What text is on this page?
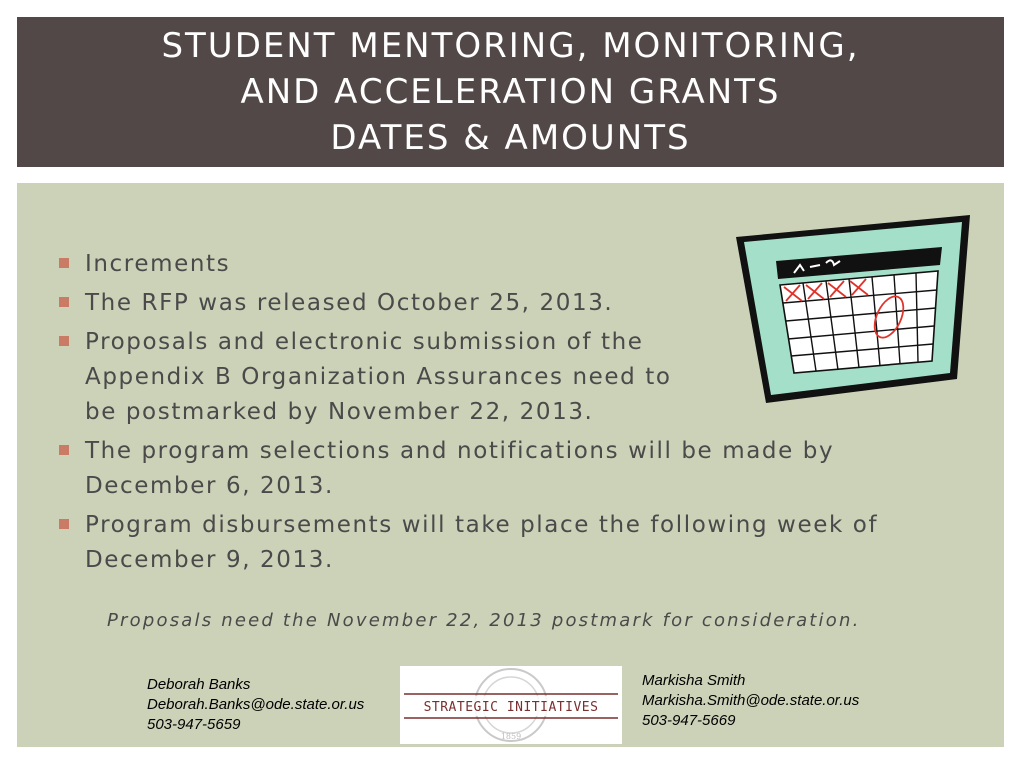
STUDENT MENTORING, MONITORING,
AND ACCELERATION GRANTS
DATES & AMOUNTS
Increments
The RFP was released October 25, 2013.
Proposals and electronic submission of the Appendix B Organization Assurances need to be postmarked by November 22, 2013.
The program selections and notifications will be made by December 6, 2013.
Program disbursements will take place the following week of December 9, 2013.
Proposals need the November 22, 2013 postmark for consideration.
Deborah Banks
Deborah.Banks@ode.state.or.us
503-947-5659
1859
STRATEGIC INITIATIVES
Markisha Smith
Markisha.Smith@ode.state.or.us
503-947-5669
